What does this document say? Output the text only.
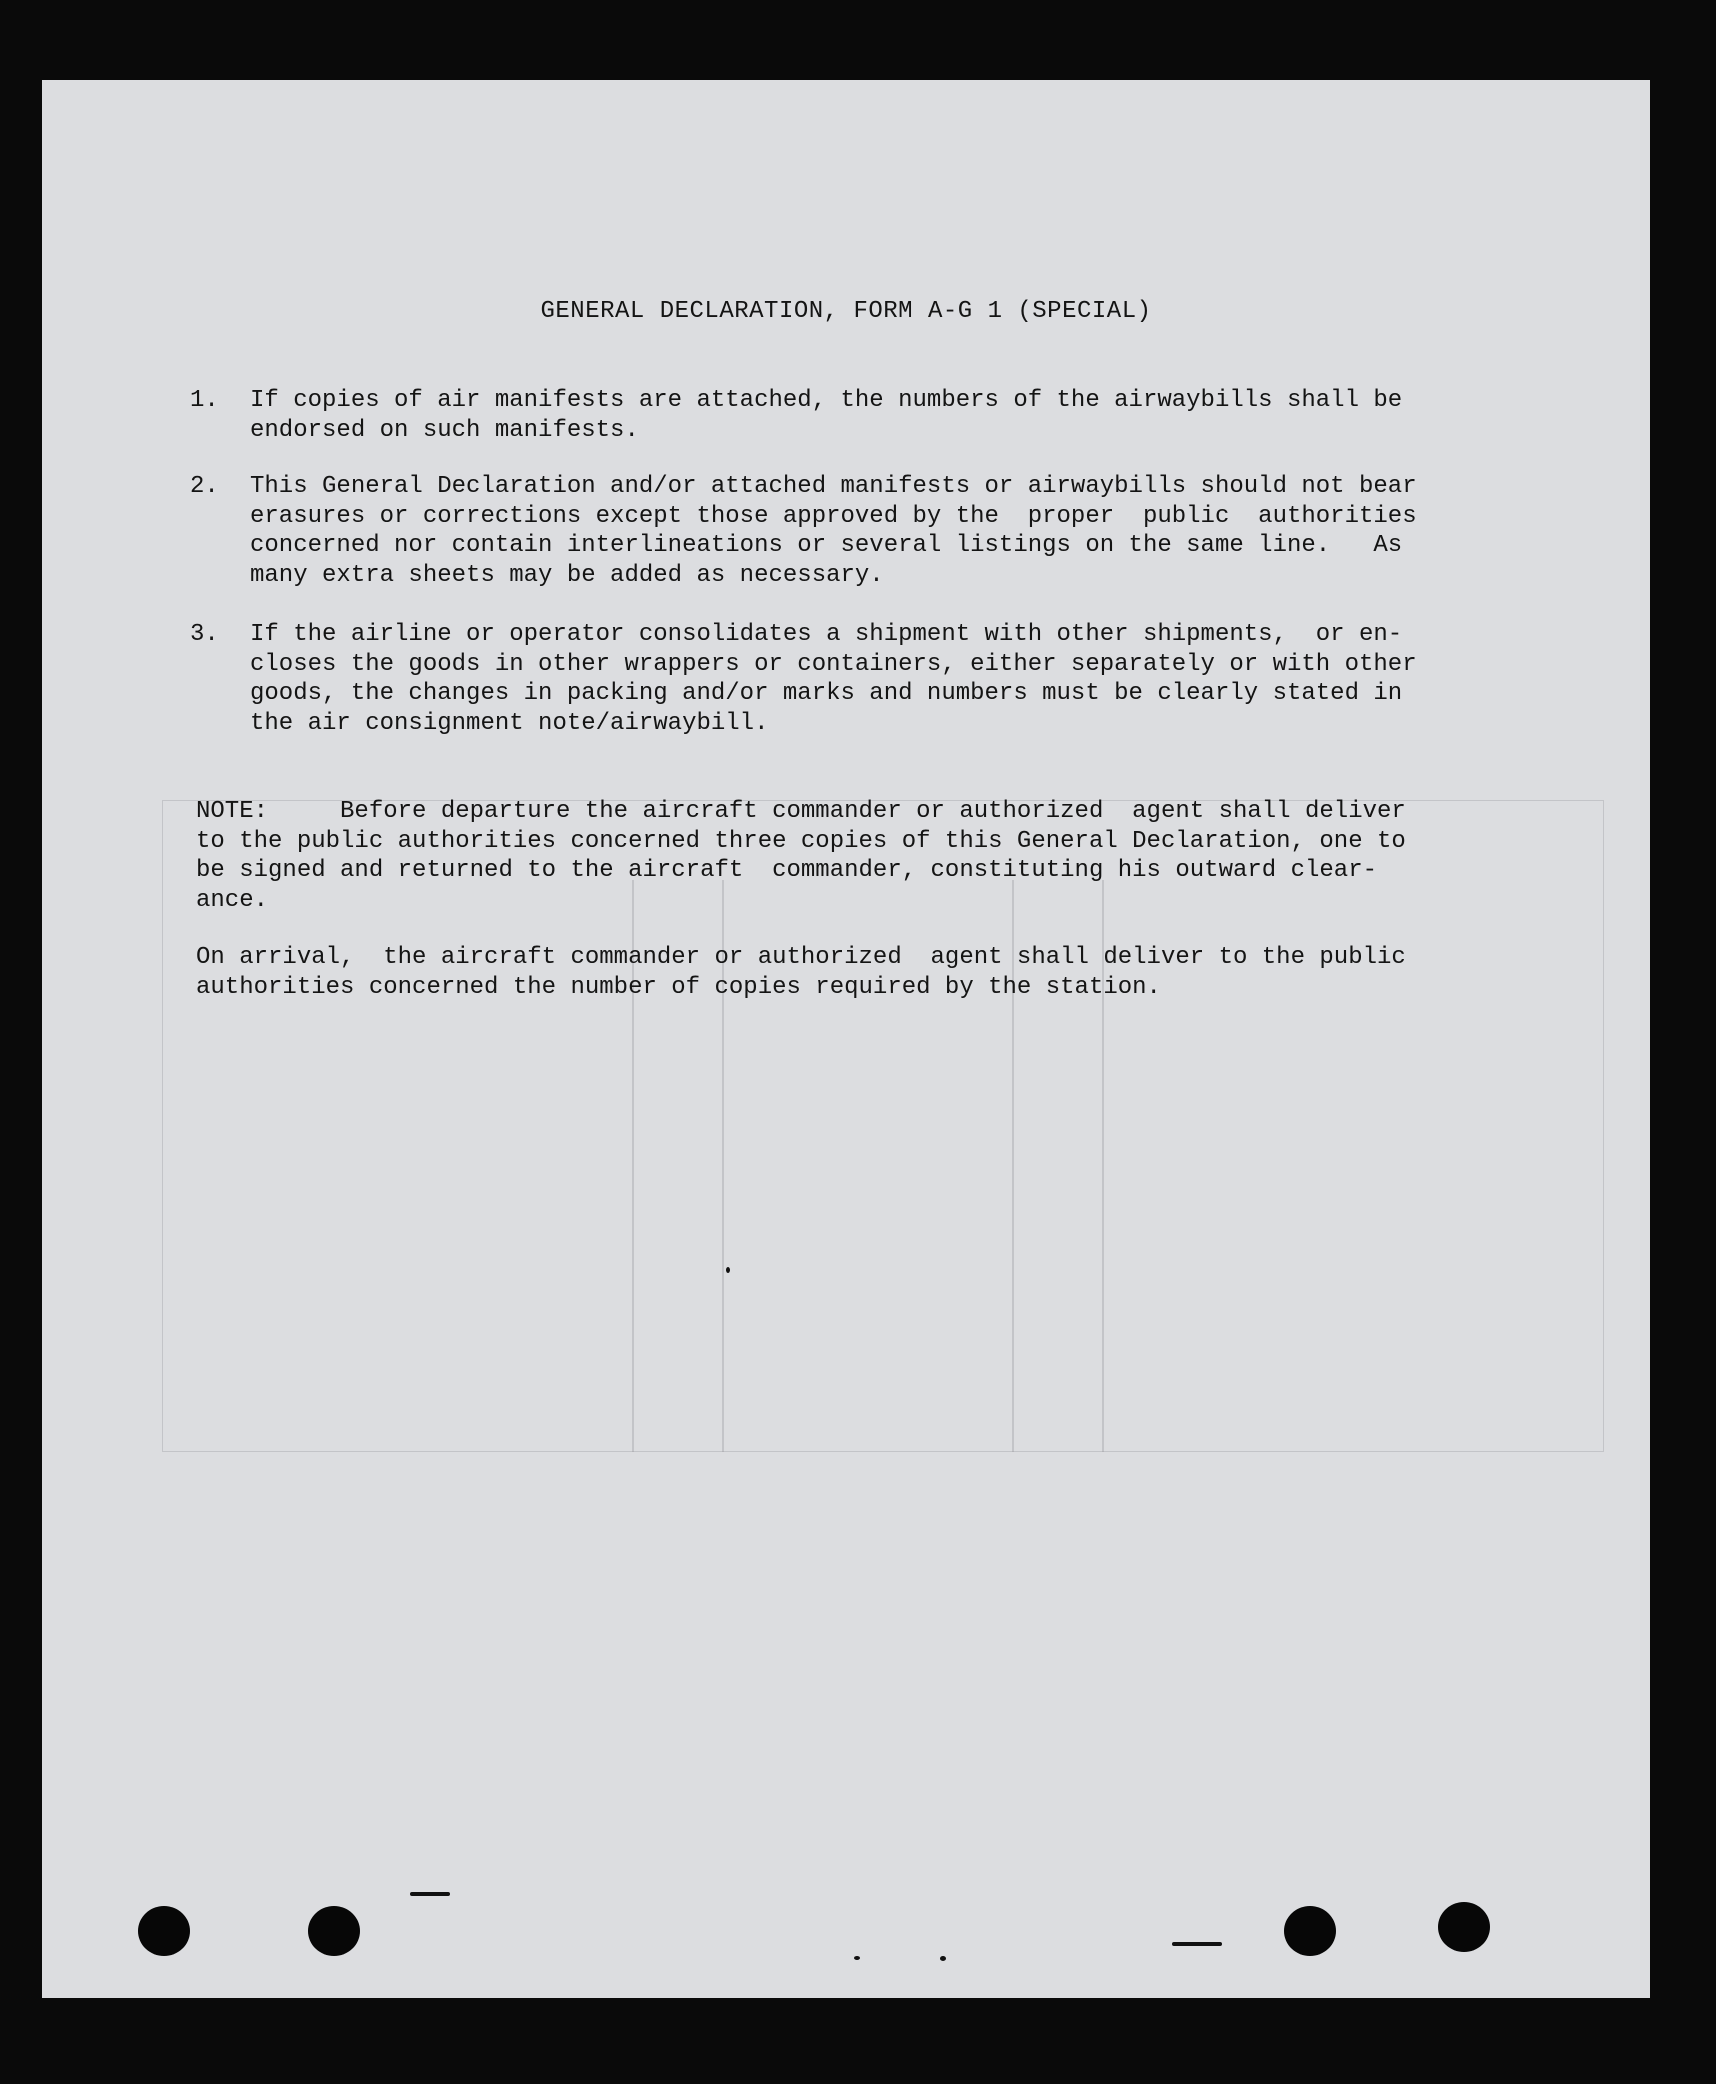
GENERAL DECLARATION, FORM A-G 1 (SPECIAL)
1. If copies of air manifests are attached, the numbers of the airwaybills shall be
endorsed on such manifests.
2. This General Declaration and/or attached manifests or airwaybills should not bear
erasures or corrections except those approved by the  proper  public  authorities
concerned nor contain interlineations or several listings on the same line.   As
many extra sheets may be added as necessary.
3. If the airline or operator consolidates a shipment with other shipments,  or en-
closes the goods in other wrappers or containers, either separately or with other
goods, the changes in packing and/or marks and numbers must be clearly stated in
the air consignment note/airwaybill.
NOTE:     Before departure the aircraft commander or authorized  agent shall deliver
to the public authorities concerned three copies of this General Declaration, one to
be signed and returned to the aircraft  commander, constituting his outward clear-
ance.
On arrival,  the aircraft commander or authorized  agent shall deliver to the public
authorities concerned the number of copies required by the station.
